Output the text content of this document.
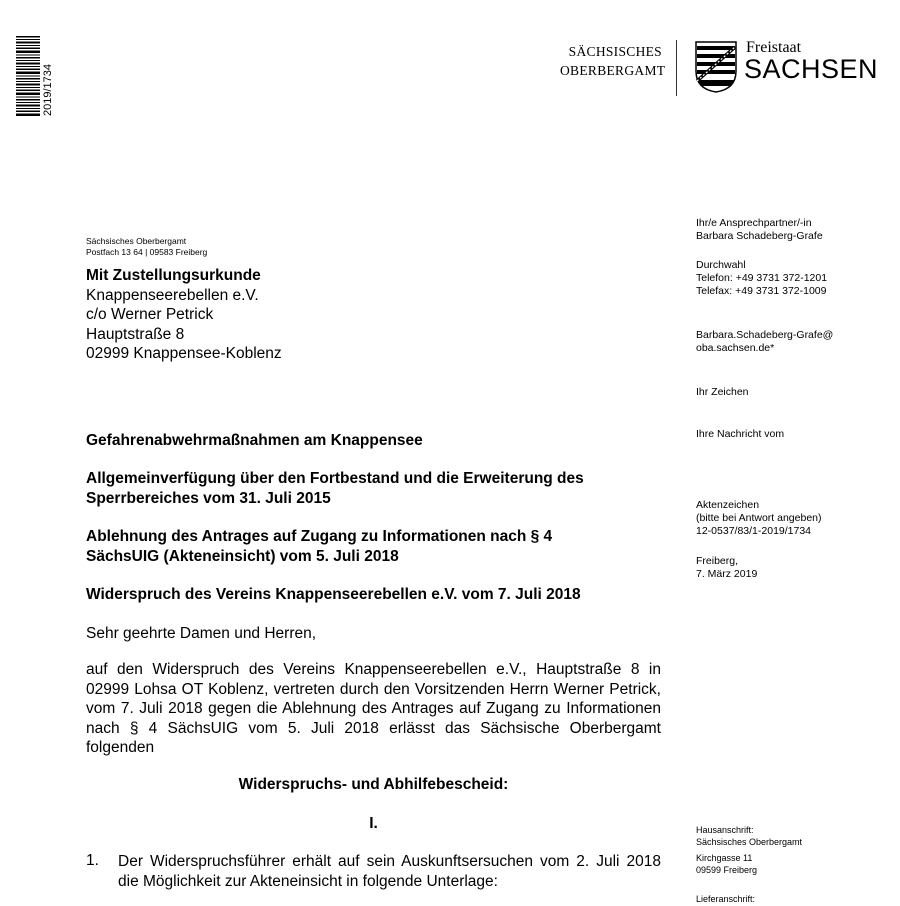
2019/1734
SÄCHSISCHES
OBERBERGAMT
Freistaat
SACHSEN
Sächsisches Oberbergamt
Postfach 13 64 | 09583 Freiberg
Mit Zustellungsurkunde
Knappenseerebellen e.V.
c/o Werner Petrick
Hauptstraße 8
02999 Knappensee-Koblenz
Ihr/e Ansprechpartner/-in
Barbara Schadeberg-Grafe
Durchwahl
Telefon: +49 3731 372-1201
Telefax: +49 3731 372-1009
Barbara.Schadeberg-Grafe@
oba.sachsen.de*
Ihr Zeichen
Ihre Nachricht vom
Aktenzeichen
(bitte bei Antwort angeben)
12-0537/83/1-2019/1734
Freiberg,
7. März 2019
Gefahrenabwehrmaßnahmen am Knappensee
Allgemeinverfügung über den Fortbestand und die Erweiterung des
Sperrbereiches vom 31. Juli 2015
Ablehnung des Antrages auf Zugang zu Informationen nach § 4
SächsUIG (Akteneinsicht) vom 5. Juli 2018
Widerspruch des Vereins Knappenseerebellen e.V. vom 7. Juli 2018
Sehr geehrte Damen und Herren,
auf den Widerspruch des Vereins Knappenseerebellen e.V., Hauptstraße 8 in 02999 Lohsa OT Koblenz, vertreten durch den Vorsitzenden Herrn Werner Petrick, vom 7. Juli 2018 gegen die Ablehnung des Antrages auf Zugang zu Informationen nach § 4 SächsUIG vom 5. Juli 2018 erlässt das Sächsische Oberbergamt folgenden
Widerspruchs- und Abhilfebescheid:
I.
1. Der Widerspruchsführer erhält auf sein Auskunftsersuchen vom 2. Juli 2018 die Möglichkeit zur Akteneinsicht in folgende Unterlage:
Hausanschrift:
Sächsisches Oberbergamt
Kirchgasse 11
09599 Freiberg
Lieferanschrift:
